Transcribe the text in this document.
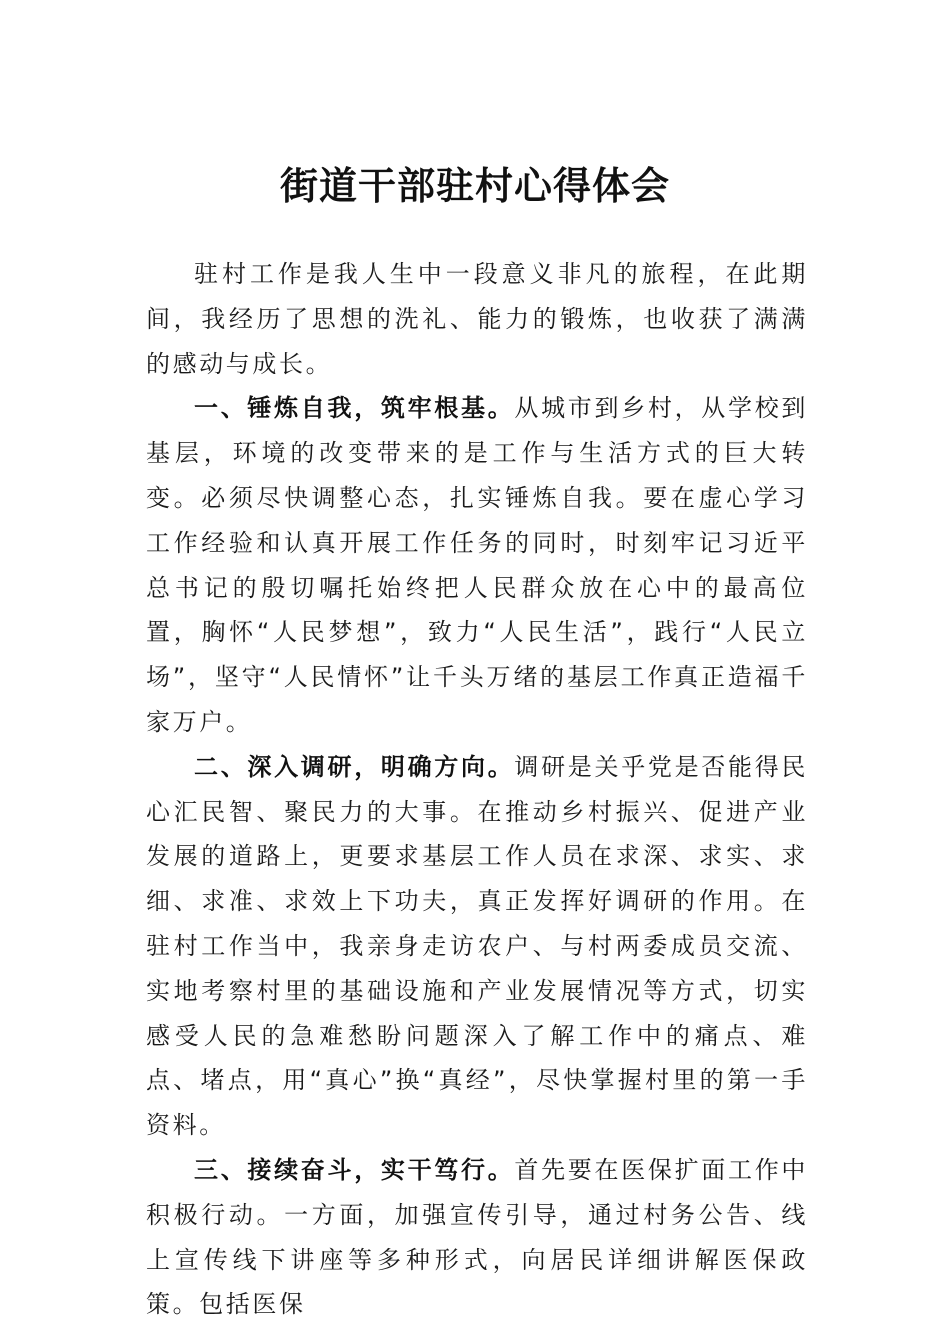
街道干部驻村心得体会

驻村工作是我人生中一段意义非凡的旅程，在此期间，我经历了思想的洗礼、能力的锻炼，也收获了满满的感动与成长。

一、锤炼自我，筑牢根基。从城市到乡村，从学校到基层，环境的改变带来的是工作与生活方式的巨大转变。必须尽快调整心态，扎实锤炼自我。要在虚心学习工作经验和认真开展工作任务的同时，时刻牢记习近平总书记的殷切嘱托始终把人民群众放在心中的最高位置，胸怀“人民梦想”，致力“人民生活”，践行“人民立场”，坚守“人民情怀”让千头万绪的基层工作真正造福千家万户。

二、深入调研，明确方向。调研是关乎党是否能得民心汇民智、聚民力的大事。在推动乡村振兴、促进产业发展的道路上，更要求基层工作人员在求深、求实、求细、求准、求效上下功夫，真正发挥好调研的作用。在驻村工作当中，我亲身走访农户、与村两委成员交流、实地考察村里的基础设施和产业发展情况等方式，切实感受人民的急难愁盼问题深入了解工作中的痛点、难点、堵点，用“真心”换“真经”，尽快掌握村里的第一手资料。

三、接续奋斗，实干笃行。首先要在医保扩面工作中积极行动。一方面，加强宣传引导，通过村务公告、线上宣传线下讲座等多种形式，向居民详细讲解医保政策。包括医保
